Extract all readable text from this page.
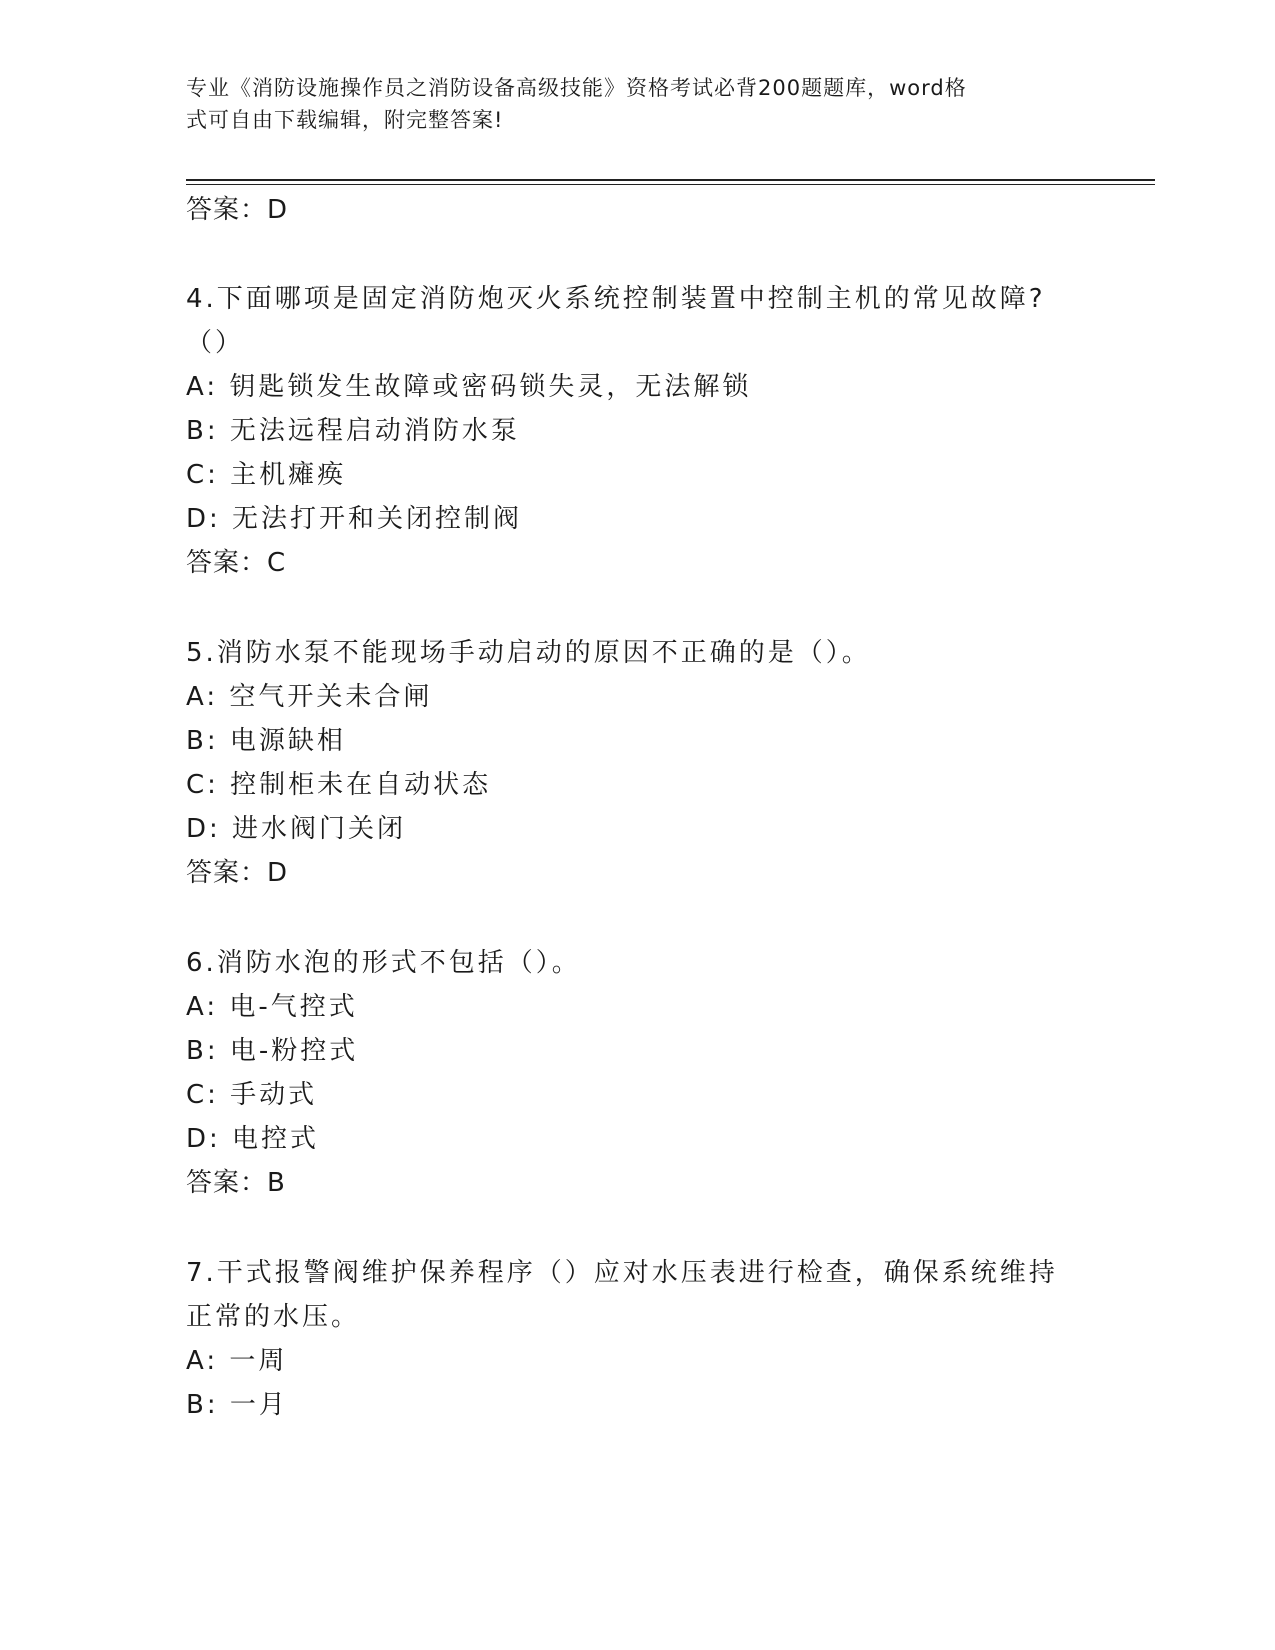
专业《消防设施操作员之消防设备高级技能》资格考试必背200题题库，word格
式可自由下载编辑，附完整答案!
答案：D
4.下面哪项是固定消防炮灭火系统控制装置中控制主机的常见故障?
（）
A: 钥匙锁发生故障或密码锁失灵，无法解锁
B: 无法远程启动消防水泵
C: 主机瘫痪
D: 无法打开和关闭控制阀
答案：C
5.消防水泵不能现场手动启动的原因不正确的是（）。
A: 空气开关未合闸
B: 电源缺相
C: 控制柜未在自动状态
D: 进水阀门关闭
答案：D
6.消防水泡的形式不包括（）。
A: 电-气控式
B: 电-粉控式
C: 手动式
D: 电控式
答案：B
7.干式报警阀维护保养程序（）应对水压表进行检查，确保系统维持
正常的水压。
A: 一周
B: 一月
